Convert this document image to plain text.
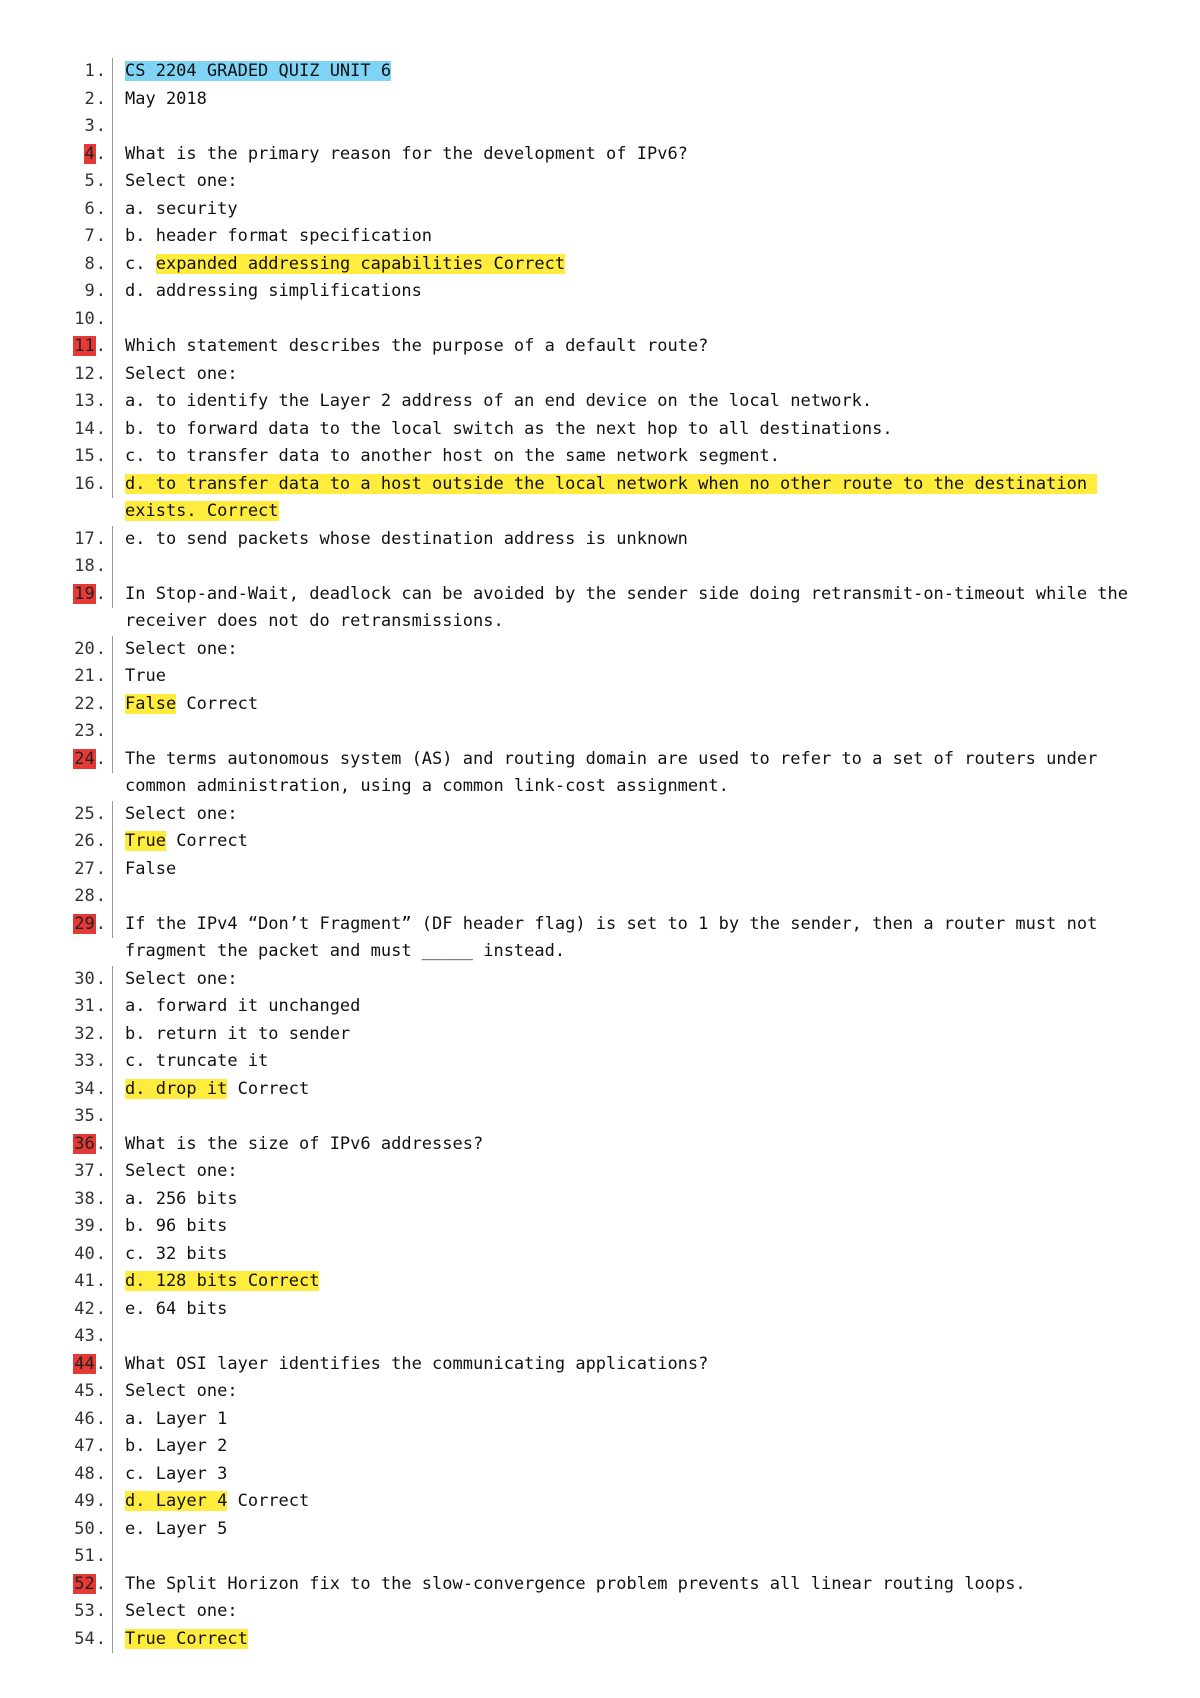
1.	CS 2204 GRADED QUIZ UNIT 6
2.	May 2018
3.
4.	What is the primary reason for the development of IPv6?
5.	Select one:
6.	a. security
7.	b. header format specification
8.	c. expanded addressing capabilities Correct
9.	d. addressing simplifications
10.
11.	Which statement describes the purpose of a default route?
12.	Select one:
13.	a. to identify the Layer 2 address of an end device on the local network.
14.	b. to forward data to the local switch as the next hop to all destinations.
15.	c. to transfer data to another host on the same network segment.
16.	d. to transfer data to a host outside the local network when no other route to the destination exists. Correct
17.	e. to send packets whose destination address is unknown
18.
19.	In Stop-and-Wait, deadlock can be avoided by the sender side doing retransmit-on-timeout while the receiver does not do retransmissions.
20.	Select one:
21.	True
22.	False Correct
23.
24.	The terms autonomous system (AS) and routing domain are used to refer to a set of routers under common administration, using a common link-cost assignment.
25.	Select one:
26.	True Correct
27.	False
28.
29.	If the IPv4 “Don’t Fragment” (DF header flag) is set to 1 by the sender, then a router must not fragment the packet and must _____ instead.
30.	Select one:
31.	a. forward it unchanged
32.	b. return it to sender
33.	c. truncate it
34.	d. drop it Correct
35.
36.	What is the size of IPv6 addresses?
37.	Select one:
38.	a. 256 bits
39.	b. 96 bits
40.	c. 32 bits
41.	d. 128 bits Correct
42.	e. 64 bits
43.
44.	What OSI layer identifies the communicating applications?
45.	Select one:
46.	a. Layer 1
47.	b. Layer 2
48.	c. Layer 3
49.	d. Layer 4 Correct
50.	e. Layer 5
51.
52.	The Split Horizon fix to the slow-convergence problem prevents all linear routing loops.
53.	Select one:
54.	True Correct
